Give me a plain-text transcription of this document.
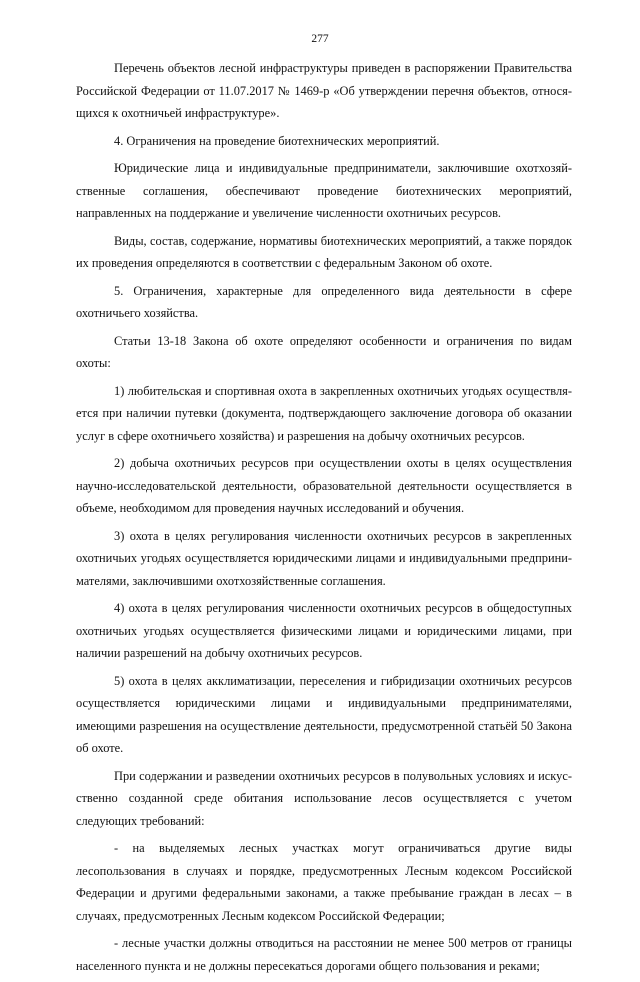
277

Перечень объектов лесной инфраструктуры приведен в распоряжении Правительства Российской Федерации от 11.07.2017 № 1469-р «Об утверждении перечня объектов, относящихся к охотничьей инфраструктуре».

4. Ограничения на проведение биотехнических мероприятий.

Юридические лица и индивидуальные предприниматели, заключившие охотхозяйственные соглашения, обеспечивают проведение биотехнических мероприятий, направленных на поддержание и увеличение численности охотничьих ресурсов.

Виды, состав, содержание, нормативы биотехнических мероприятий, а также порядок их проведения определяются в соответствии с федеральным Законом об охоте.

5. Ограничения, характерные для определенного вида деятельности в сфере охотничьего хозяйства.

Статьи 13-18 Закона об охоте определяют особенности и ограничения по видам охоты:

1) любительская и спортивная охота в закрепленных охотничьих угодьях осуществляется при наличии путевки (документа, подтверждающего заключение договора об оказании услуг в сфере охотничьего хозяйства) и разрешения на добычу охотничьих ресурсов.

2) добыча охотничьих ресурсов при осуществлении охоты в целях осуществления научно-исследовательской деятельности, образовательной деятельности осуществляется в объеме, необходимом для проведения научных исследований и обучения.

3) охота в целях регулирования численности охотничьих ресурсов в закрепленных охотничьих угодьях осуществляется юридическими лицами и индивидуальными предпринимателями, заключившими охотхозяйственные соглашения.

4) охота в целях регулирования численности охотничьих ресурсов в общедоступных охотничьих угодьях осуществляется физическими лицами и юридическими лицами, при наличии разрешений на добычу охотничьих ресурсов.

5) охота в целях акклиматизации, переселения и гибридизации охотничьих ресурсов осуществляется юридическими лицами и индивидуальными предпринимателями, имеющими разрешения на осуществление деятельности, предусмотренной статьёй 50 Закона об охоте.

При содержании и разведении охотничьих ресурсов в полувольных условиях и искусственно созданной среде обитания использование лесов осуществляется с учетом следующих требований:

- на выделяемых лесных участках могут ограничиваться другие виды лесопользования в случаях и порядке, предусмотренных Лесным кодексом Российской Федерации и другими федеральными законами, а также пребывание граждан в лесах – в случаях, предусмотренных Лесным кодексом Российской Федерации;

- лесные участки должны отводиться на расстоянии не менее 500 метров от границы населенного пункта и не должны пересекаться дорогами общего пользования и реками;
